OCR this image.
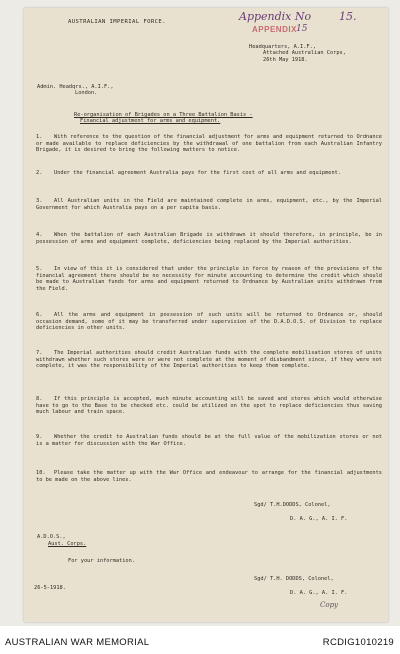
AUSTRALIAN IMPERIAL FORCE.	Appendix No	15.
APPENDIX 15
Headquarters, A.I.F.,
Attached Australian Corps,
26th May 1918.
Admin. Headqrs., A.I.F.,
London.
Re-organisation of Brigades on a Three Battalion Basis -
Financial adjustment for arms and equipment.
1. With reference to the question of the financial adjustment for arms and equipment returned to Ordnance or made available to replace deficiencies by the withdrawal of one battalion from each Australian Infantry Brigade, it is desired to bring the following matters to notice.
2. Under the financial agreement Australia pays for the first cost of all arms and equipment.
3. All Australian units in the Field are maintained complete in arms, equipment, etc., by the Imperial Government for which Australia pays on a per capita basis.
4. When the battalion of each Australian Brigade is withdrawn it should therefore, in principle, be in possession of arms and equipment complete, deficiencies being replaced by the Imperial authorities.
5. In view of this it is considered that under the principle in force by reason of the provisions of the financial agreement there should be no necessity for minute accounting to determine the credit which should be made to Australian funds for arms and equipment returned to Ordnance by Australian units withdrawn from the Field.
6. All the arms and equipment in possession of such units will be returned to Ordnance or, should occasion demand, some of it may be transferred under supervision of the D.A.D.O.S. of Division to replace deficiencies in other units.
7. The Imperial authorities should credit Australian funds with the complete mobilisation stores of units withdrawn whether such stores were or were not complete at the moment of disbandment since, if they were not complete, it was the responsibility of the Imperial authorities to keep them complete.
8. If this principle is accepted, much minute accounting will be saved and stores which would otherwise have to go to the Base to be checked etc. could be utilized on the spot to replace deficiencies thus saving much labour and train space.
9. Whether the credit to Australian funds should be at the full value of the mobilization stores or not is a matter for discussion with the War Office.
10. Please take the matter up with the War Office and endeavour to arrange for the financial adjustments to be made on the above lines.
Sgd/ T.H.DODDS, Colonel,
D. A. G., A. I. F.
A.D.O.S.,
Aust. Corps.
For your information.
Sgd/ T.H. DODDS, Colonel,
26-5-1918.
D. A. G., A. I. F.
Copy
AUSTRALIAN WAR MEMORIAL	RCDIG1010219
